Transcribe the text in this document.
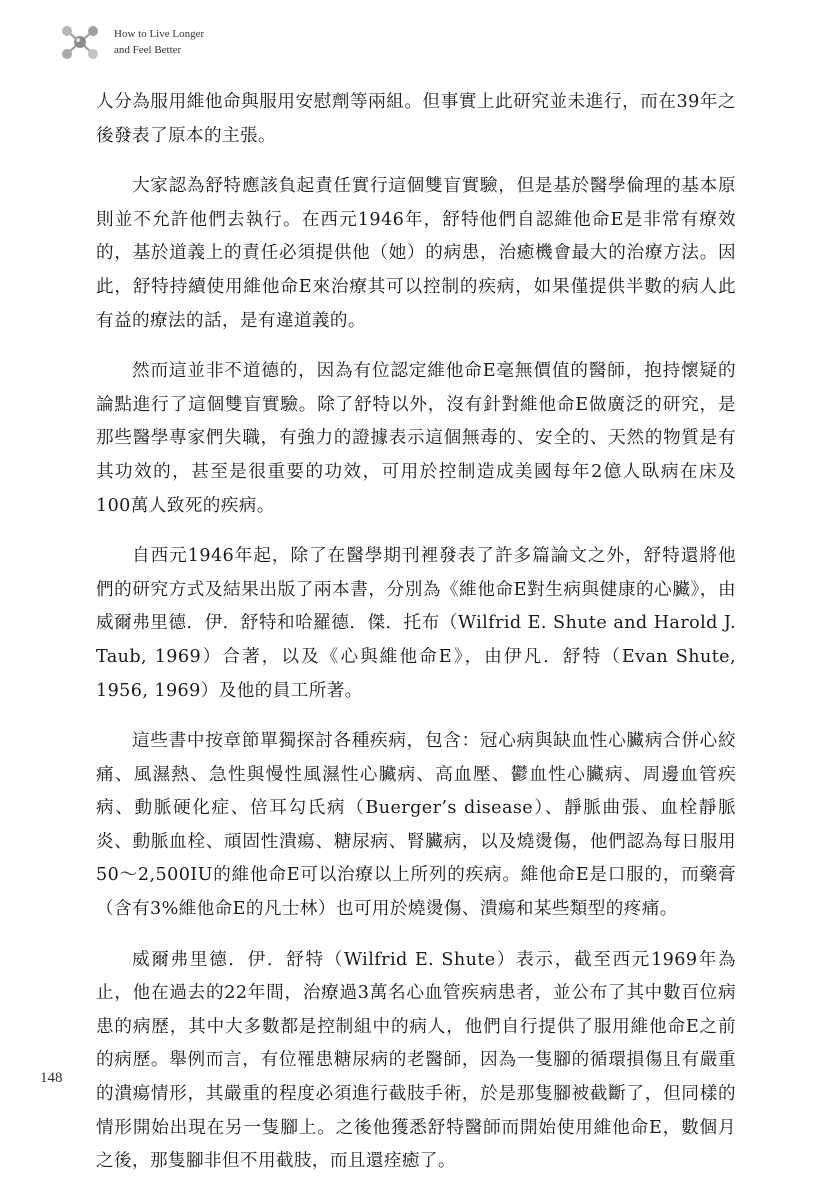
How to Live Longer
and Feel Better

人分為服用維他命與服用安慰劑等兩組。但事實上此研究並未進行，而在39年之後發表了原本的主張。

大家認為舒特應該負起責任實行這個雙盲實驗，但是基於醫學倫理的基本原則並不允許他們去執行。在西元1946年，舒特他們自認維他命E是非常有療效的，基於道義上的責任必須提供他（她）的病患，治癒機會最大的治療方法。因此，舒特持續使用維他命E來治療其可以控制的疾病，如果僅提供半數的病人此有益的療法的話，是有違道義的。

然而這並非不道德的，因為有位認定維他命E毫無價值的醫師，抱持懷疑的論點進行了這個雙盲實驗。除了舒特以外，沒有針對維他命E做廣泛的研究，是那些醫學專家們失職，有強力的證據表示這個無毒的、安全的、天然的物質是有其功效的，甚至是很重要的功效，可用於控制造成美國每年2億人臥病在床及100萬人致死的疾病。

自西元1946年起，除了在醫學期刊裡發表了許多篇論文之外，舒特還將他們的研究方式及結果出版了兩本書，分別為《維他命E對生病與健康的心臟》，由威爾弗里德．伊．舒特和哈羅德．傑．托布（Wilfrid E. Shute and Harold J. Taub, 1969）合著，以及《心與維他命E》，由伊凡．舒特（Evan Shute, 1956, 1969）及他的員工所著。

這些書中按章節單獨探討各種疾病，包含：冠心病與缺血性心臟病合併心絞痛、風濕熱、急性與慢性風濕性心臟病、高血壓、鬱血性心臟病、周邊血管疾病、動脈硬化症、倍耳勾氏病（Buerger’s disease）、靜脈曲張、血栓靜脈炎、動脈血栓、頑固性潰瘍、糖尿病、腎臟病，以及燒燙傷，他們認為每日服用50～2,500IU的維他命E可以治療以上所列的疾病。維他命E是口服的，而藥膏（含有3%維他命E的凡士林）也可用於燒燙傷、潰瘍和某些類型的疼痛。

威爾弗里德．伊．舒特（Wilfrid E. Shute）表示，截至西元1969年為止，他在過去的22年間，治療過3萬名心血管疾病患者，並公布了其中數百位病患的病歷，其中大多數都是控制組中的病人，他們自行提供了服用維他命E之前的病歷。舉例而言，有位罹患糖尿病的老醫師，因為一隻腳的循環損傷且有嚴重的潰瘍情形，其嚴重的程度必須進行截肢手術，於是那隻腳被截斷了，但同樣的情形開始出現在另一隻腳上。之後他獲悉舒特醫師而開始使用維他命E，數個月之後，那隻腳非但不用截肢，而且還痊癒了。

148
